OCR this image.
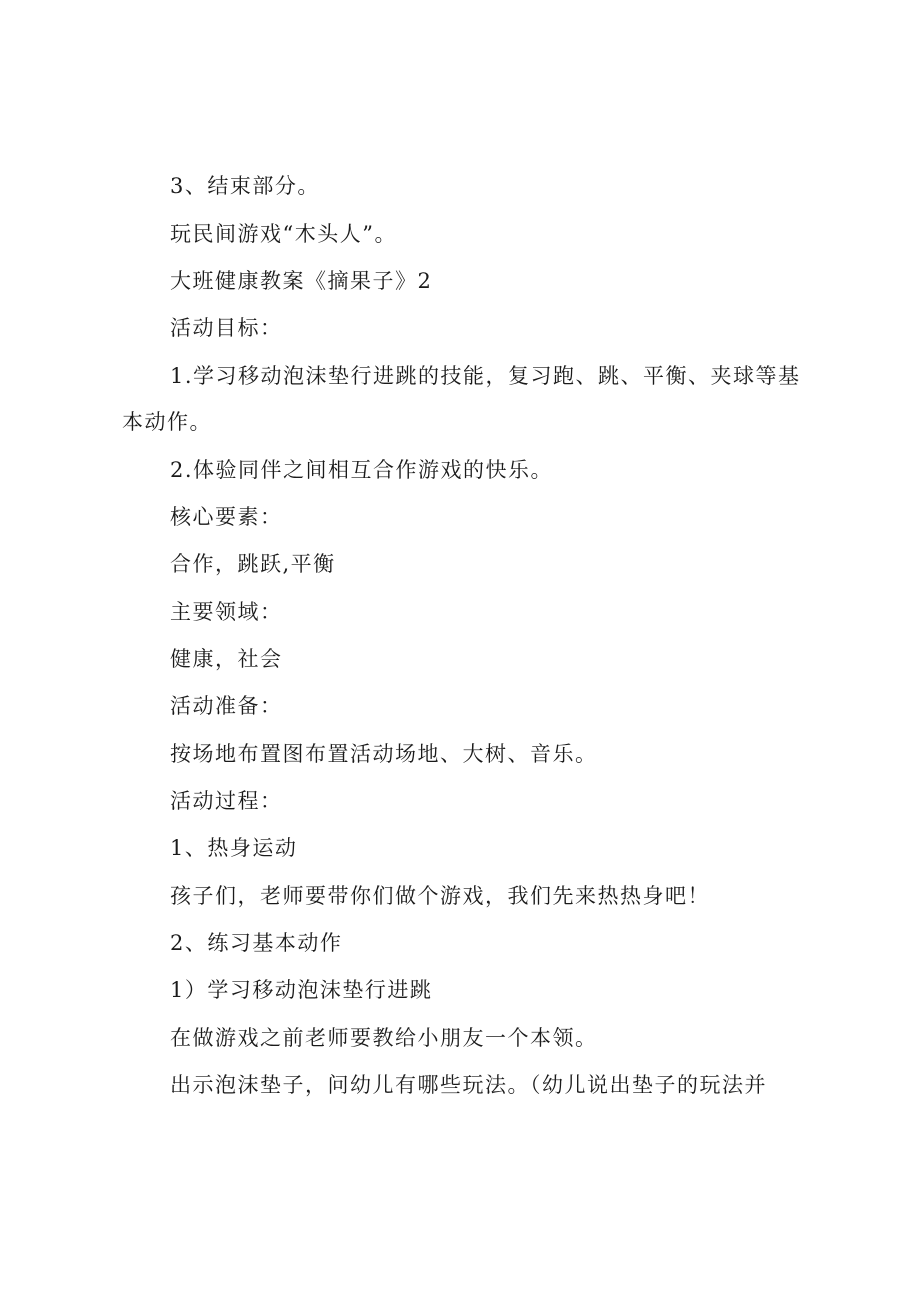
3、结束部分。
玩民间游戏“木头人”。
大班健康教案《摘果子》2
活动目标：
1.学习移动泡沫垫行进跳的技能，复习跑、跳、平衡、夹球等基
本动作。
2.体验同伴之间相互合作游戏的快乐。
核心要素：
合作，跳跃,平衡
主要领域：
健康，社会
活动准备：
按场地布置图布置活动场地、大树、音乐。
活动过程：
1、热身运动
孩子们，老师要带你们做个游戏，我们先来热热身吧！
2、练习基本动作
1）学习移动泡沫垫行进跳
在做游戏之前老师要教给小朋友一个本领。
出示泡沫垫子，问幼儿有哪些玩法。（幼儿说出垫子的玩法并
